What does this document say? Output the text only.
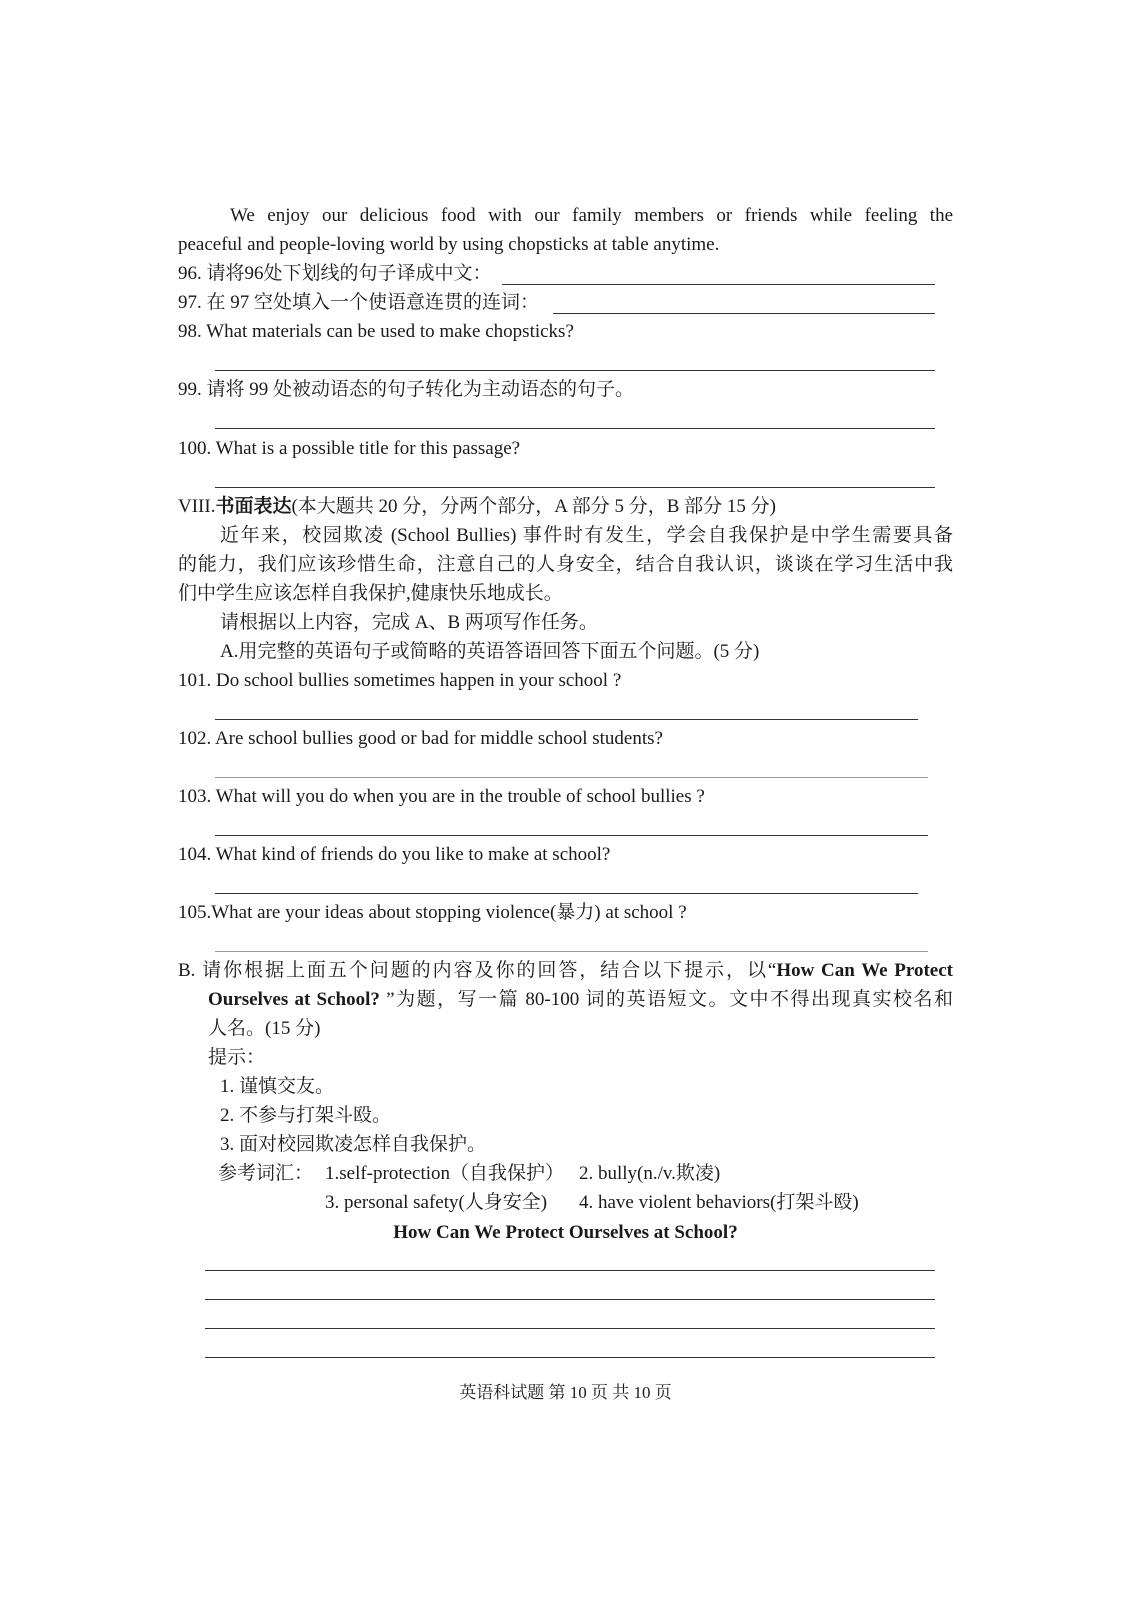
We enjoy our delicious food with our family members or friends while feeling the
peaceful and people-loving world by using chopsticks at table anytime.
96. 请将96处下划线的句子译成中文：
97. 在 97 空处填入一个使语意连贯的连词：
98. What materials can be used to make chopsticks?
99. 请将 99 处被动语态的句子转化为主动语态的句子。
100. What is a possible title for this passage?
VIII.书面表达(本大题共 20 分，分两个部分，A 部分 5 分，B 部分 15 分)
近年来，校园欺凌 (School Bullies) 事件时有发生，学会自我保护是中学生需要具备
的能力，我们应该珍惜生命，注意自己的人身安全，结合自我认识，谈谈在学习生活中我
们中学生应该怎样自我保护,健康快乐地成长。
请根据以上内容，完成 A、B 两项写作任务。
A.用完整的英语句子或简略的英语答语回答下面五个问题。(5 分)
101. Do school bullies sometimes happen in your school ?
102. Are school bullies good or bad for middle school students?
103. What will you do when you are in the trouble of school bullies ?
104. What kind of friends do you like to make at school?
105.What are your ideas about stopping violence(暴力) at school ?
B. 请你根据上面五个问题的内容及你的回答，结合以下提示，以“How Can We Protect
Ourselves at School? ”为题，写一篇 80-100 词的英语短文。文中不得出现真实校名和
人名。(15 分)
提示：
1. 谨慎交友。
2. 不参与打架斗殴。
3. 面对校园欺凌怎样自我保护。
参考词汇： 1.self-protection（自我保护） 2. bully(n./v.欺凌)
3. personal safety(人身安全) 4. have violent behaviors(打架斗殴)
How Can We Protect Ourselves at School?
英语科试题 第 10 页 共 10 页
